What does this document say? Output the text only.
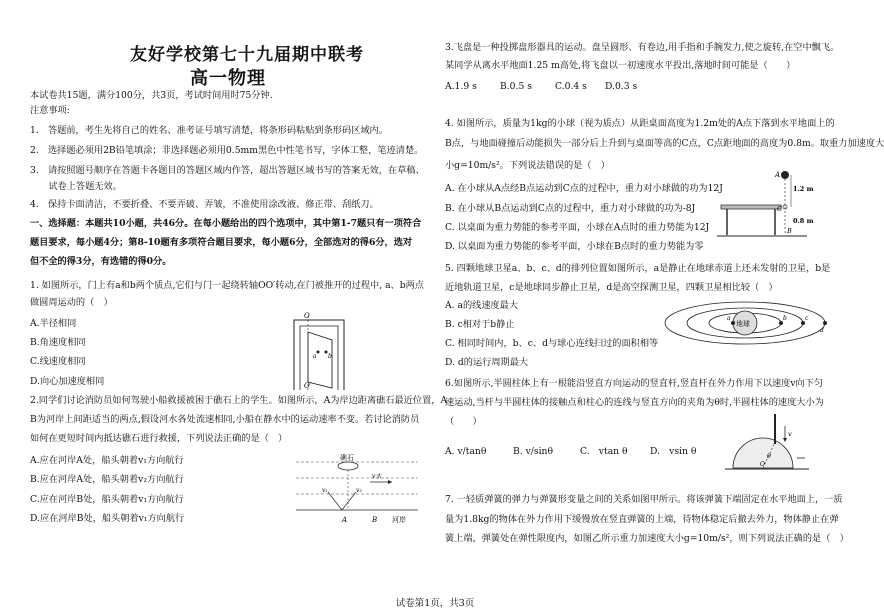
友好学校第七十九届期中联考
高一物理
本试卷共15题，满分100分，共3页，考试时间用时75分钟.
注意事项:
1.　答题前，考生先将自己的姓名、准考证号填写清楚，将条形码粘贴到条形码区域内。
2.　选择题必须用2B铅笔填涂；非选择题必须用0.5mm黑色中性笔书写，字体工整，笔迹清楚。
3.　请按照题号顺序在答题卡各题目的答题区域内作答，超出答题区域书写的答案无效，在草稿、
　　试卷上答题无效。
4.　保持卡面清洁，不要折叠、不要弄破、弄皱，不准使用涂改液、修正带、刮纸刀。
一、选择题：本题共10小题，共46分。在每小题给出的四个选项中，其中第1-7题只有一项符合
题目要求，每小题4分；第8-10题有多项符合题目要求，每小题6分，全部选对的得6分，选对
但不全的得3分，有选错的得0分。
1. 如图所示，门上有a和b两个质点,它们与门一起绕转轴OO′转动,在门被推开的过程中, a、b两点
做圆周运动的（　）
A.半径相同
B.角速度相同
C.线速度相同
D.向心加速度相同
O
O′
a b
2.同学们讨论消防员如何驾驶小船救援被困于礁石上的学生。如图所示，A为岸边距离礁石最近位置，A
B为河岸上间距适当的两点,假设河水各处流速相同,小船在静水中的运动速率不变。若讨论消防员
如何在更短时间内抵达礁石进行救援，下列说法正确的是（　）
A.应在河岸A处，船头朝着v₁方向航行
B.应在河岸A处，船头朝着v₂方向航行
C.应在河岸B处，船头朝着v₁方向航行
D.应在河岸B处，船头朝着v₁方向航行
礁石
河岸
v水
v₁	v₂
A	B
3.飞盘是一种投掷盘形器具的运动。盘呈圆形、有卷边,用手指和手腕发力,使之旋转,在空中飘飞。
某同学从离水平地面1.25 m高处,将飞盘以一初速度水平投出,落地时间可能是（　　）
A.1.9 s	B.0.5 s	C.0.4 s D.0.3 s
4. 如图所示，质量为1kg的小球（视为质点）从距桌面高度为1.2m处的A点下落到水平地面上的
B点，与地面碰撞后动能损失一部分后上升到与桌面等高的C点，C点距地面的高度为0.8m。取重力加速度大
小g=10m/s²。下列说法错误的是（　）
A. 在小球从A点经B点运动到C点的过程中，重力对小球做的功为12J
B. 在小球从B点运动到C点的过程中，重力对小球做的功为-8J
C. 以桌面为重力势能的参考平面，小球在A点时的重力势能为12J
D. 以桌面为重力势能的参考平面，小球在B点时的重力势能为零
A
1.2 m
C
0.8 m
B
5. 四颗地球卫星a、b、c、d的排列位置如图所示，a是静止在地球赤道上还未发射的卫星，b是
近地轨道卫星，c是地球同步静止卫星，d是高空探测卫星，四颗卫星相比较（　）
A. a的线速度最大
B. c相对于b静止
C. 相同时间内，b、c、d与球心连线扫过的面积相等
D. d的运行周期最大
地球
a	b	c
d
6.如图所示,半圆柱体上有一根能沿竖直方向运动的竖直杆,竖直杆在外力作用下以速度v向下匀
速运动,当杆与半圆柱体的接触点和柱心的连线与竖直方向的夹角为θ时,半圆柱体的速度大小为
（　　）
A. v/tanθ	B. v/sinθ	C.　vtan θ D.　vsin θ
v
θ
O
7. 一轻质弹簧的弹力与弹簧形变量之间的关系如图甲所示。将该弹簧下端固定在水平地面上，一质
量为1.8kg的物体在外力作用下缓慢放在竖直弹簧的上端，待物体稳定后撤去外力，物体静止在弹
簧上端，弹簧处在弹性限度内，如图乙所示重力加速度大小g=10m/s²，则下列说法正确的是（　）
试卷第1页，共3页
